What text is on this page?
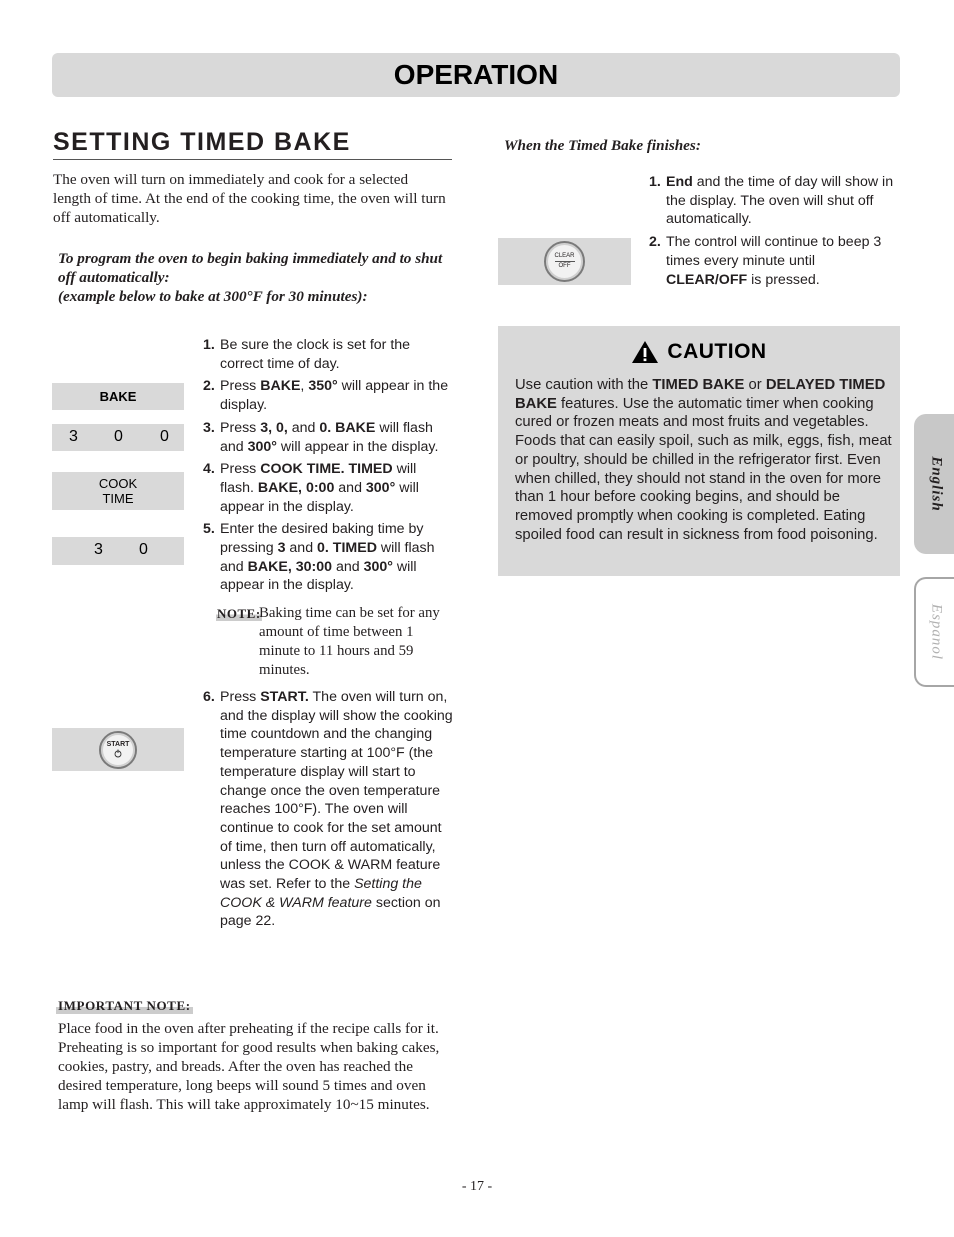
OPERATION
SETTING TIMED BAKE
The oven will turn on immediately and cook for a selected length of time. At the end of the cooking time, the oven will turn off automatically.
To program the oven to begin baking immediately and to shut off automatically:
(example below to bake at 300°F for 30 minutes):
BAKE
3 0 0
COOK
TIME
3 0
START
1. Be sure the clock is set for the correct time of day.
2. Press BAKE, 350° will appear in the display.
3. Press 3, 0, and 0. BAKE will flash and 300° will appear in the display.
4. Press COOK TIME. TIMED will flash. BAKE, 0:00 and 300° will appear in the display.
5. Enter the desired baking time by pressing 3 and 0. TIMED will flash and BAKE, 30:00 and 300° will appear in the display.
NOTE:
Baking time can be set for any amount of time between 1 minute to 11 hours and 59 minutes.
6. Press START. The oven will turn on, and the display will show the cooking time countdown and the changing temperature starting at 100°F (the temperature display will start to change once the oven temperature reaches 100°F). The oven will continue to cook for the set amount of time, then turn off automatically, unless the COOK & WARM feature was set. Refer to the Setting the COOK & WARM feature section on page 22.
IMPORTANT NOTE:
Place food in the oven after preheating if the recipe calls for it. Preheating is so important for good results when baking cakes, cookies, pastry, and breads. After the oven has reached the desired temperature, long beeps will sound 5 times and oven lamp will flash. This will take approximately 10~15 minutes.
When the Timed Bake finishes:
CLEAR
OFF
1. End and the time of day will show in the display. The oven will shut off automatically.
2. The control will continue to beep 3 times every minute until CLEAR/OFF is pressed.
CAUTION
Use caution with the TIMED BAKE or DELAYED TIMED BAKE features. Use the automatic timer when cooking cured or frozen meats and most fruits and vegetables. Foods that can easily spoil, such as milk, eggs, fish, meat or poultry, should be chilled in the refrigerator first. Even when chilled, they should not stand in the oven for more than 1 hour before cooking begins, and should be removed promptly when cooking is completed. Eating spoiled food can result in sickness from food poisoning.
English
Espanol
- 17 -
